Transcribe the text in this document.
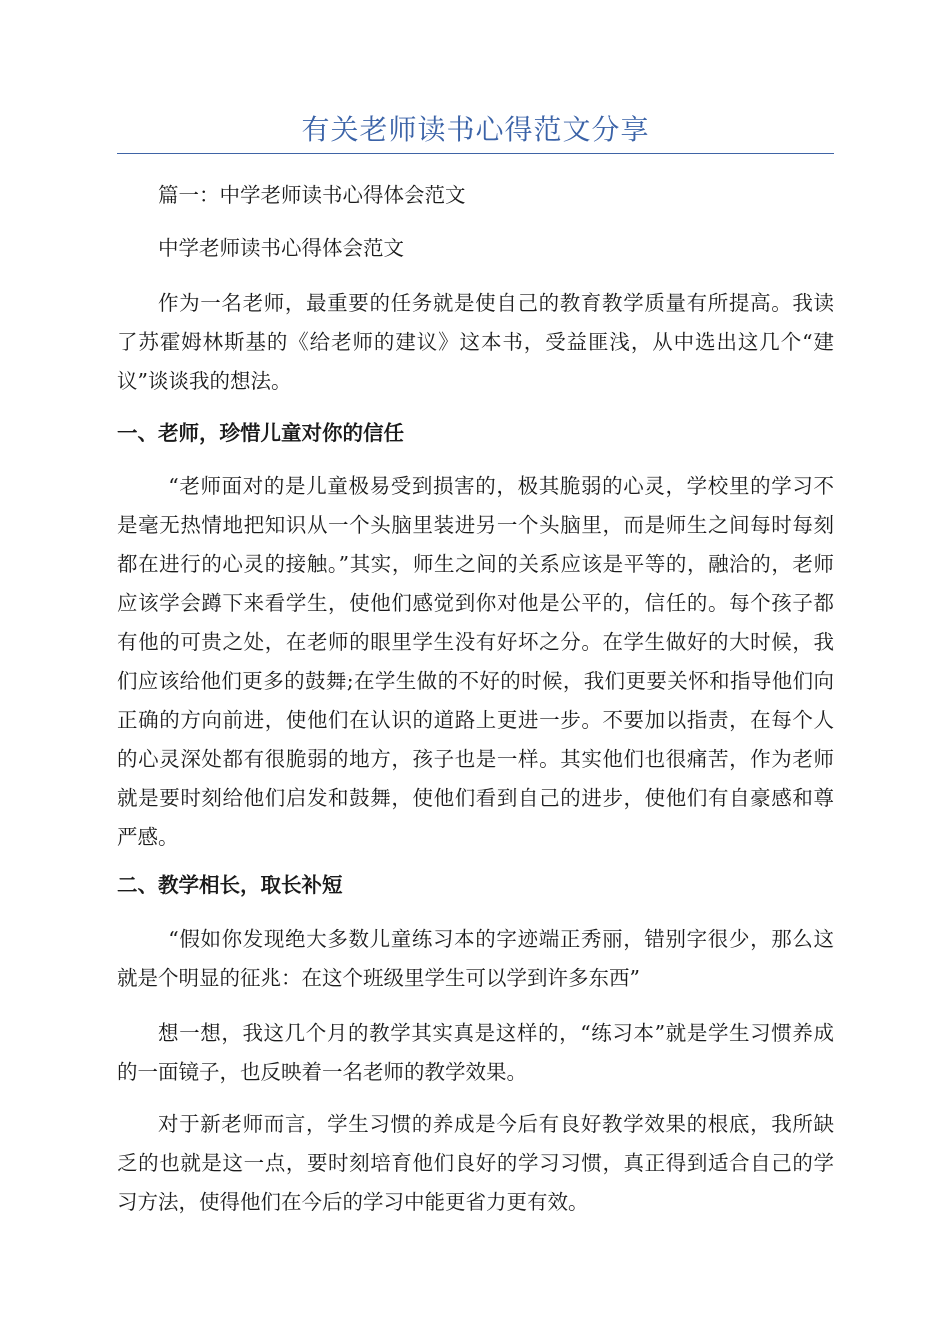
有关老师读书心得范文分享

篇一：中学老师读书心得体会范文

中学老师读书心得体会范文

作为一名老师，最重要的任务就是使自己的教育教学质量有所提高。我读了苏霍姆林斯基的《给老师的建议》这本书，受益匪浅，从中选出这几个“建议”谈谈我的想法。

一、老师，珍惜儿童对你的信任

“老师面对的是儿童极易受到损害的，极其脆弱的心灵，学校里的学习不是毫无热情地把知识从一个头脑里装进另一个头脑里，而是师生之间每时每刻都在进行的心灵的接触。”其实，师生之间的关系应该是平等的，融洽的，老师应该学会蹲下来看学生，使他们感觉到你对他是公平的，信任的。每个孩子都有他的可贵之处，在老师的眼里学生没有好坏之分。在学生做好的大时候，我们应该给他们更多的鼓舞;在学生做的不好的时候，我们更要关怀和指导他们向正确的方向前进，使他们在认识的道路上更进一步。不要加以指责，在每个人的心灵深处都有很脆弱的地方，孩子也是一样。其实他们也很痛苦，作为老师就是要时刻给他们启发和鼓舞，使他们看到自己的进步，使他们有自豪感和尊严感。

二、教学相长，取长补短

“假如你发现绝大多数儿童练习本的字迹端正秀丽，错别字很少，那么这就是个明显的征兆：在这个班级里学生可以学到许多东西”

想一想，我这几个月的教学其实真是这样的，“练习本”就是学生习惯养成的一面镜子，也反映着一名老师的教学效果。

对于新老师而言，学生习惯的养成是今后有良好教学效果的根底，我所缺乏的也就是这一点，要时刻培育他们良好的学习习惯，真正得到适合自己的学习方法，使得他们在今后的学习中能更省力更有效。
